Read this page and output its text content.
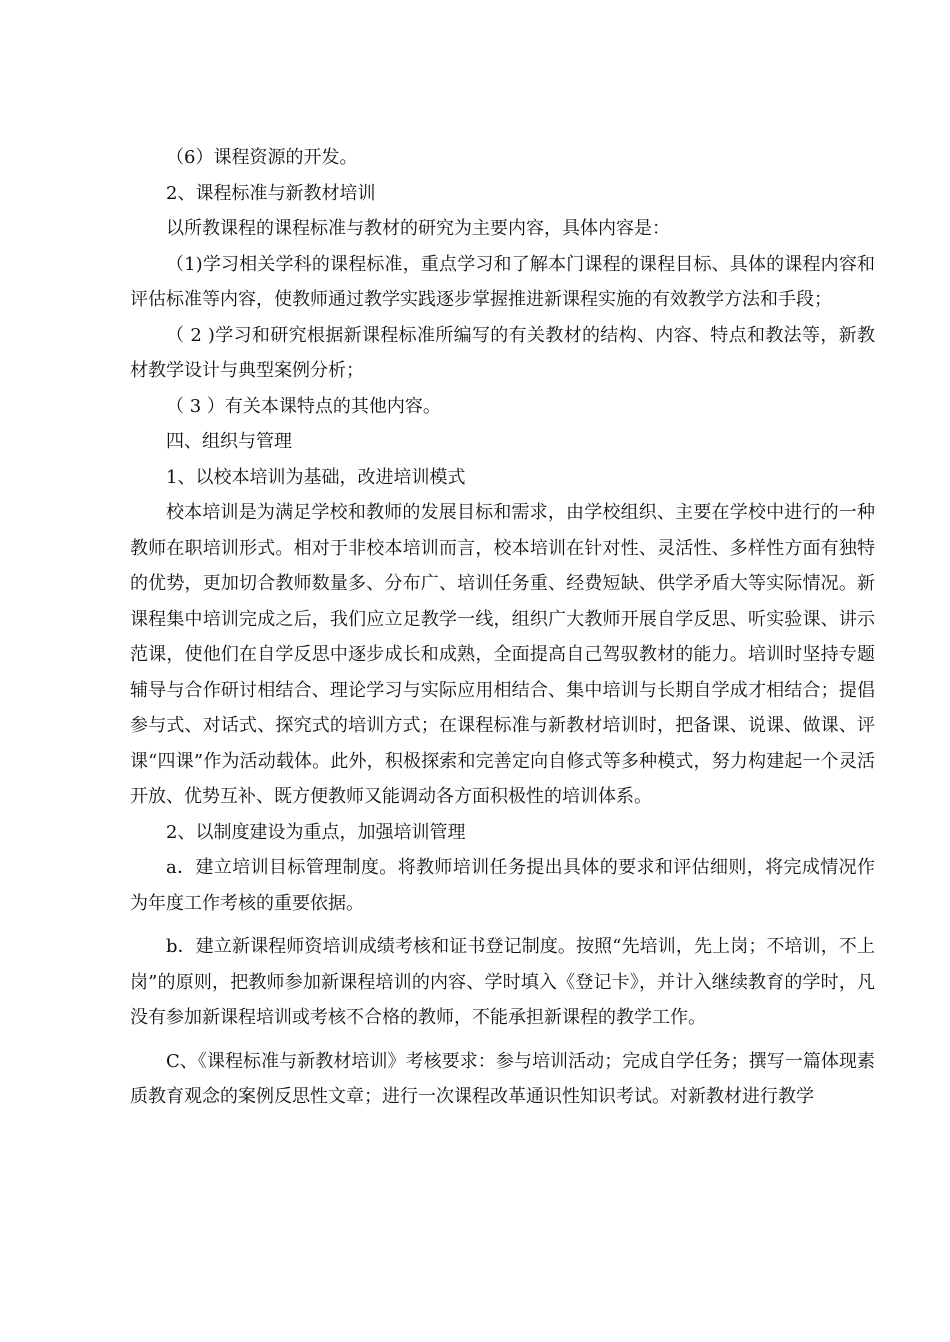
（6）课程资源的开发。

2、课程标准与新教材培训

以所教课程的课程标准与教材的研究为主要内容，具体内容是：

（1)学习相关学科的课程标准，重点学习和了解本门课程的课程目标、具体的课程内容和评估标准等内容，使教师通过教学实践逐步掌握推进新课程实施的有效教学方法和手段；

（ 2 )学习和研究根据新课程标准所编写的有关教材的结构、内容、特点和教法等，新教材教学设计与典型案例分析；

（ 3 ）有关本课特点的其他内容。

四、组织与管理

1、以校本培训为基础，改进培训模式

校本培训是为满足学校和教师的发展目标和需求，由学校组织、主要在学校中进行的一种教师在职培训形式。相对于非校本培训而言，校本培训在针对性、灵活性、多样性方面有独特的优势，更加切合教师数量多、分布广、培训任务重、经费短缺、供学矛盾大等实际情况。新课程集中培训完成之后，我们应立足教学一线，组织广大教师开展自学反思、听实验课、讲示范课，使他们在自学反思中逐步成长和成熟，全面提高自己驾驭教材的能力。培训时坚持专题辅导与合作研讨相结合、理论学习与实际应用相结合、集中培训与长期自学成才相结合；提倡参与式、对话式、探究式的培训方式；在课程标准与新教材培训时，把备课、说课、做课、评课“四课”作为活动载体。此外，积极探索和完善定向自修式等多种模式，努力构建起一个灵活开放、优势互补、既方便教师又能调动各方面积极性的培训体系。

2、以制度建设为重点，加强培训管理

a．建立培训目标管理制度。将教师培训任务提出具体的要求和评估细则，将完成情况作为年度工作考核的重要依据。

b．建立新课程师资培训成绩考核和证书登记制度。按照“先培训，先上岗；不培训，不上岗”的原则，把教师参加新课程培训的内容、学时填入《登记卡》，并计入继续教育的学时，凡没有参加新课程培训或考核不合格的教师，不能承担新课程的教学工作。

C、《课程标准与新教材培训》考核要求：参与培训活动；完成自学任务；撰写一篇体现素质教育观念的案例反思性文章；进行一次课程改革通识性知识考试。对新教材进行教学
